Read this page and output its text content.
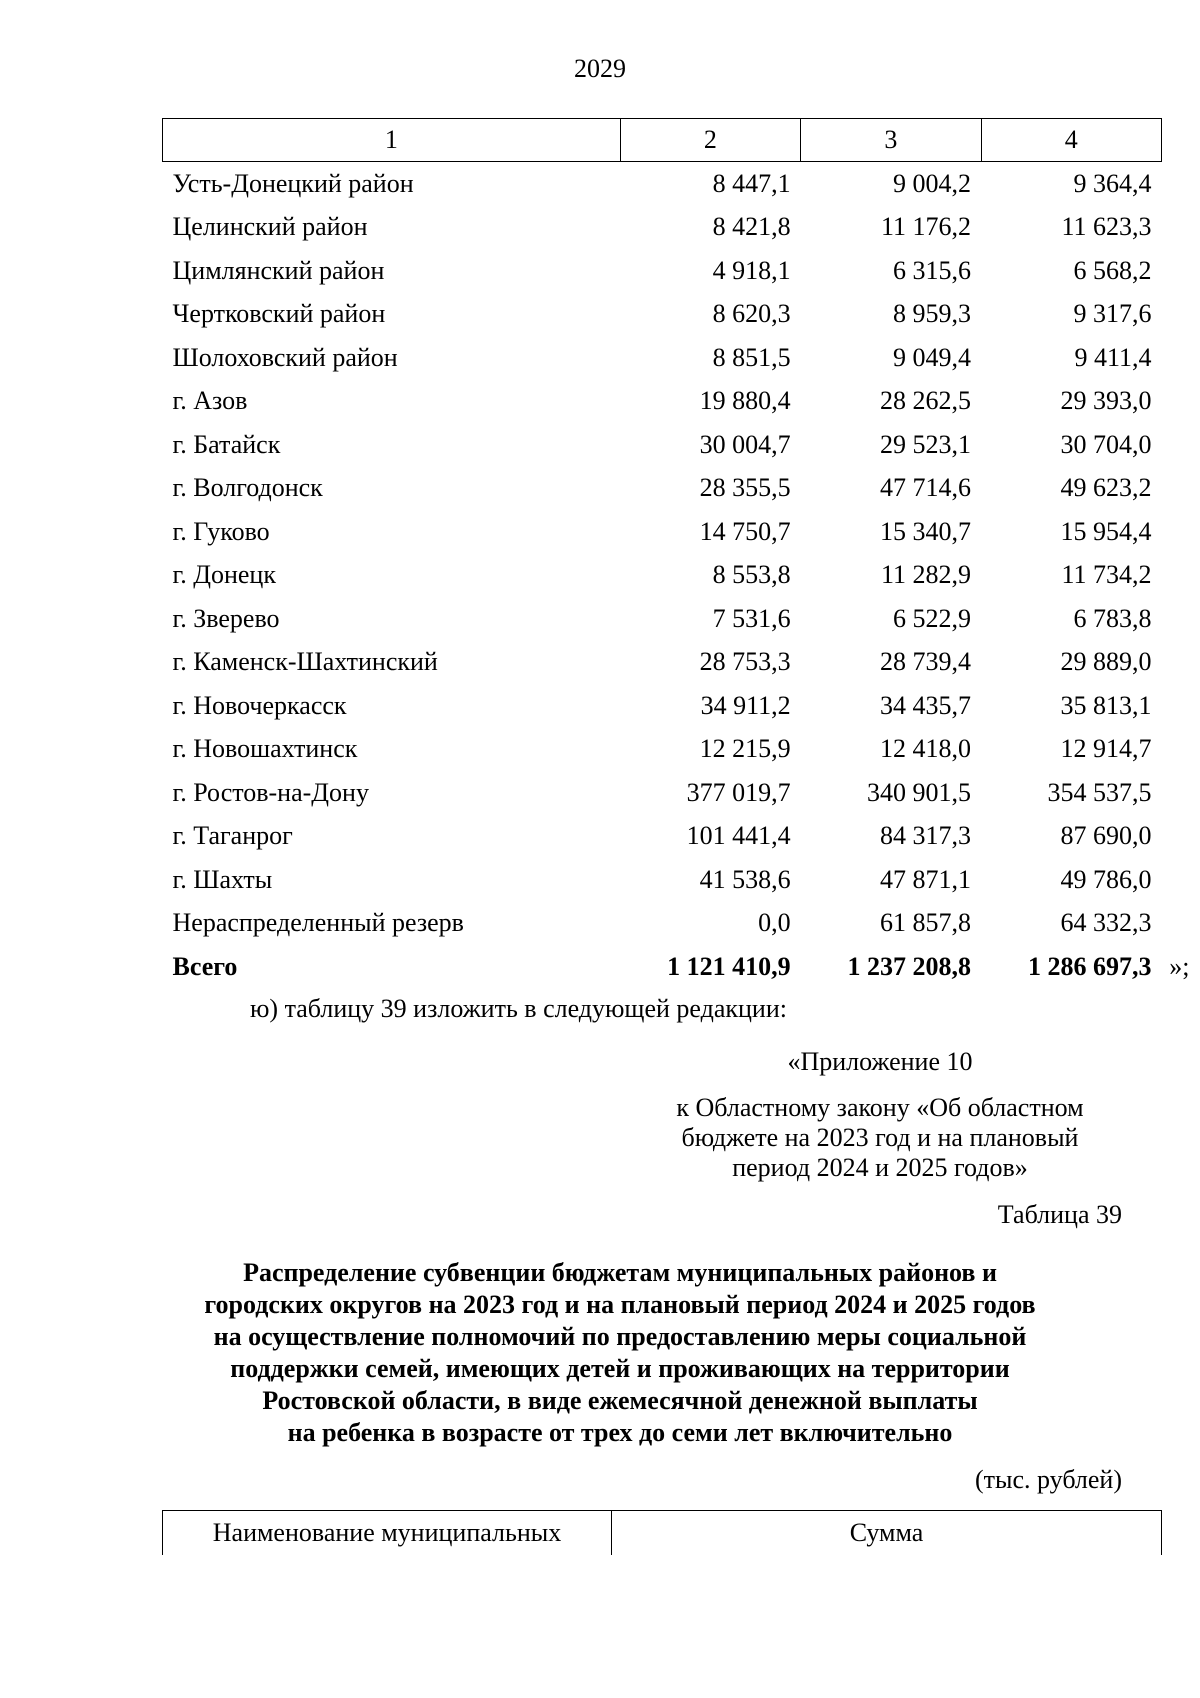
2029
1	2	3	4
Усть-Донецкий район	8 447,1	9 004,2	9 364,4
Целинский район	8 421,8	11 176,2	11 623,3
Цимлянский район	4 918,1	6 315,6	6 568,2
Чертковский район	8 620,3	8 959,3	9 317,6
Шолоховский район	8 851,5	9 049,4	9 411,4
г. Азов	19 880,4	28 262,5	29 393,0
г. Батайск	30 004,7	29 523,1	30 704,0
г. Волгодонск	28 355,5	47 714,6	49 623,2
г. Гуково	14 750,7	15 340,7	15 954,4
г. Донецк	8 553,8	11 282,9	11 734,2
г. Зверево	7 531,6	6 522,9	6 783,8
г. Каменск-Шахтинский	28 753,3	28 739,4	29 889,0
г. Новочеркасск	34 911,2	34 435,7	35 813,1
г. Новошахтинск	12 215,9	12 418,0	12 914,7
г. Ростов-на-Дону	377 019,7	340 901,5	354 537,5
г. Таганрог	101 441,4	84 317,3	87 690,0
г. Шахты	41 538,6	47 871,1	49 786,0
Нераспределенный резерв	0,0	61 857,8	64 332,3
Всего	1 121 410,9	1 237 208,8	1 286 697,3 »;
ю) таблицу 39 изложить в следующей редакции:
«Приложение 10
к Областному закону «Об областном
бюджете на 2023 год и на плановый
период 2024 и 2025 годов»
Таблица 39
Распределение субвенции бюджетам муниципальных районов и
городских округов на 2023 год и на плановый период 2024 и 2025 годов
на осуществление полномочий по предоставлению меры социальной
поддержки семей, имеющих детей и проживающих на территории
Ростовской области, в виде ежемесячной денежной выплаты
на ребенка в возрасте от трех до семи лет включительно
(тыс. рублей)
Наименование муниципальных	Сумма
